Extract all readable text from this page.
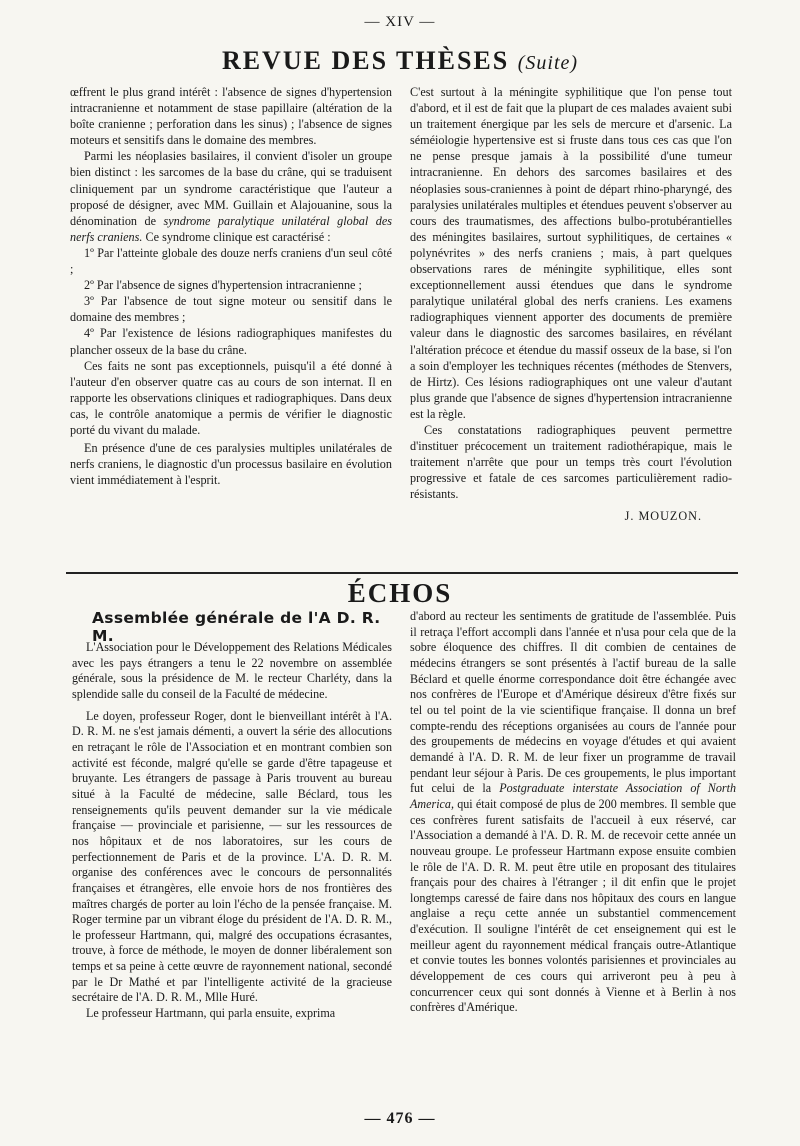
— XIV —
REVUE DES THÈSES (Suite)

œffrent le plus grand intérêt : l'absence de signes d'hypertension intracranienne et notamment de stase papillaire (altération de la boîte cranienne ; perforation dans les sinus) ; l'absence de signes moteurs et sensitifs dans le domaine des membres.

Parmi les néoplasies basilaires, il convient d'isoler un groupe bien distinct : les sarcomes de la base du crâne, qui se traduisent cliniquement par un syndrome caractéristique que l'auteur a proposé de désigner, avec MM. Guillain et Alajouanine, sous la dénomination de syndrome paralytique unilatéral global des nerfs craniens. Ce syndrome clinique est caractérisé :

1º Par l'atteinte globale des douze nerfs craniens d'un seul côté ;

2º Par l'absence de signes d'hypertension intracranienne ;

3º Par l'absence de tout signe moteur ou sensitif dans le domaine des membres ;

4º Par l'existence de lésions radiographiques manifestes du plancher osseux de la base du crâne.

Ces faits ne sont pas exceptionnels, puisqu'il a été donné à l'auteur d'en observer quatre cas au cours de son internat. Il en rapporte les observations cliniques et radiographiques. Dans deux cas, le contrôle anatomique a permis de vérifier le diagnostic porté du vivant du malade.

En présence d'une de ces paralysies multiples unilatérales de nerfs craniens, le diagnostic d'un processus basilaire en évolution vient immédiatement à l'esprit.

C'est surtout à la méningite syphilitique que l'on pense tout d'abord, et il est de fait que la plupart de ces malades avaient subi un traitement énergique par les sels de mercure et d'arsenic. La séméiologie hypertensive est si fruste dans tous ces cas que l'on ne pense presque jamais à la possibilité d'une tumeur intracranienne. En dehors des sarcomes basilaires et des néoplasies sous-craniennes à point de départ rhino-pharyngé, des paralysies unilatérales multiples et étendues peuvent s'observer au cours des traumatismes, des affections bulbo-protubérantielles des méningites basilaires, surtout syphilitiques, de certaines « polynévrites » des nerfs craniens ; mais, à part quelques observations rares de méningite syphilitique, elles sont exceptionnellement aussi étendues que dans le syndrome paralytique unilatéral global des nerfs craniens. Les examens radiographiques viennent apporter des documents de première valeur dans le diagnostic des sarcomes basilaires, en révélant l'altération précoce et étendue du massif osseux de la base, si l'on a soin d'employer les techniques récentes (méthodes de Stenvers, de Hirtz). Ces lésions radiographiques ont une valeur d'autant plus grande que l'absence de signes d'hypertension intracranienne est la règle.

Ces constatations radiographiques peuvent permettre d'instituer précocement un traitement radiothérapique, mais le traitement n'arrête que pour un temps très court l'évolution progressive et fatale de ces sarcomes particulièrement radio-résistants.

J. MOUZON.

ÉCHOS
Assemblée générale de l'A D. R. M.

L'Association pour le Développement des Relations Médicales avec les pays étrangers a tenu le 22 novembre on assemblée générale, sous la présidence de M. le recteur Charléty, dans la splendide salle du conseil de la Faculté de médecine.

Le doyen, professeur Roger, dont le bienveillant intérêt à l'A. D. R. M. ne s'est jamais démenti, a ouvert la série des allocutions en retraçant le rôle de l'Association et en montrant combien son activité est féconde, malgré qu'elle se garde d'être tapageuse et bruyante. Les étrangers de passage à Paris trouvent au bureau situé à la Faculté de médecine, salle Béclard, tous les renseignements qu'ils peuvent demander sur la vie médicale française — provinciale et parisienne, — sur les ressources de nos hôpitaux et de nos laboratoires, sur les cours de perfectionnement de Paris et de la province. L'A. D. R. M. organise des conférences avec le concours de personnalités françaises et étrangères, elle envoie hors de nos frontières des maîtres chargés de porter au loin l'écho de la pensée française. M. Roger termine par un vibrant éloge du président de l'A. D. R. M., le professeur Hartmann, qui, malgré des occupations écrasantes, trouve, à force de méthode, le moyen de donner libéralement son temps et sa peine à cette œuvre de rayonnement national, secondé par le Dr Mathé et par l'intelligente activité de la gracieuse secrétaire de l'A. D. R. M., Mlle Huré.

Le professeur Hartmann, qui parla ensuite, exprima

d'abord au recteur les sentiments de gratitude de l'assemblée. Puis il retraça l'effort accompli dans l'année et n'usa pour cela que de la sobre éloquence des chiffres. Il dit combien de centaines de médecins étrangers se sont présentés à l'actif bureau de la salle Béclard et quelle énorme correspondance doit être échangée avec nos confrères de l'Europe et d'Amérique désireux d'être fixés sur tel ou tel point de la vie scientifique française. Il donna un bref compte-rendu des réceptions organisées au cours de l'année pour des groupements de médecins en voyage d'études et qui avaient demandé à l'A. D. R. M. de leur fixer un programme de travail pendant leur séjour à Paris. De ces groupements, le plus important fut celui de la Postgraduate interstate Association of North America, qui était composé de plus de 200 membres. Il semble que ces confrères furent satisfaits de l'accueil à eux réservé, car l'Association a demandé à l'A. D. R. M. de recevoir cette année un nouveau groupe. Le professeur Hartmann expose ensuite combien le rôle de l'A. D. R. M. peut être utile en proposant des titulaires français pour des chaires à l'étranger ; il dit enfin que le projet longtemps caressé de faire dans nos hôpitaux des cours en langue anglaise a reçu cette année un substantiel commencement d'exécution. Il souligne l'intérêt de cet enseignement qui est le meilleur agent du rayonnement médical français outre-Atlantique et convie toutes les bonnes volontés parisiennes et provinciales au développement de ces cours qui arriveront peu à peu à concurrencer ceux qui sont donnés à Vienne et à Berlin à nos confrères d'Amérique.

— 476 —
